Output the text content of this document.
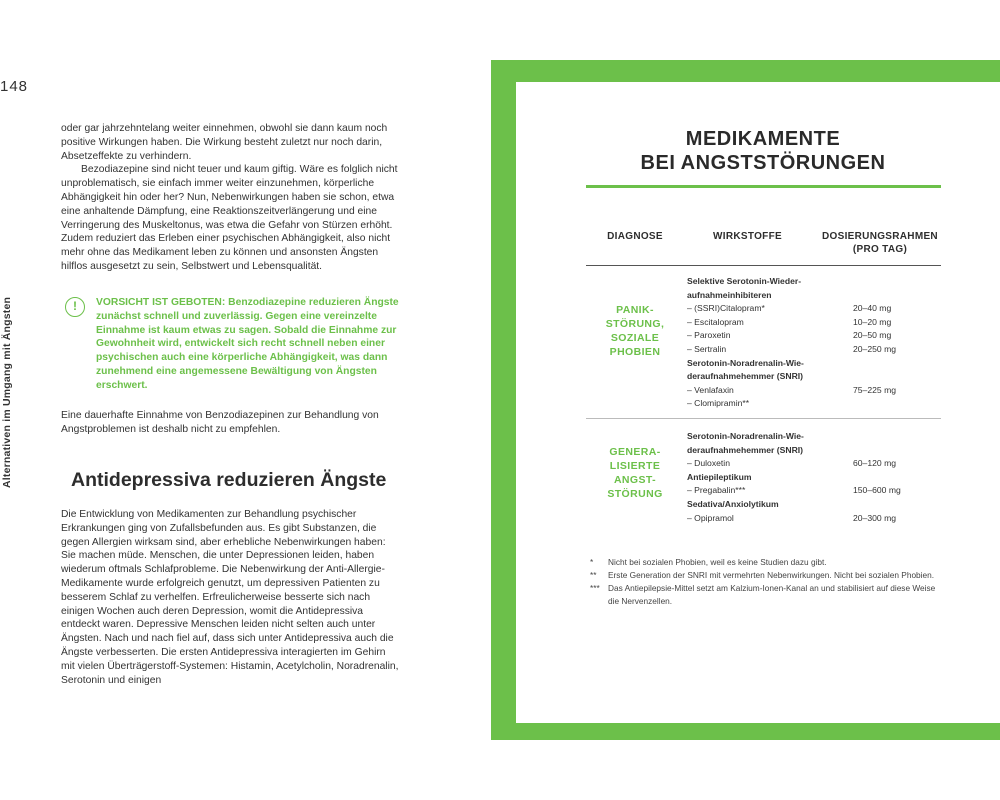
148
Alternativen im Umgang mit Ängsten

oder gar jahrzehntelang weiter einnehmen, obwohl sie dann kaum noch positive Wirkungen haben. Die Wirkung besteht zuletzt nur noch darin, Absetzeffekte zu verhindern.

Bezodiazepine sind nicht teuer und kaum giftig. Wäre es folglich nicht unproblematisch, sie einfach immer weiter einzunehmen, körperliche Abhängigkeit hin oder her? Nun, Nebenwirkungen haben sie schon, etwa eine anhaltende Dämpfung, eine Reaktionszeitverlängerung und eine Verringerung des Muskeltonus, was etwa die Gefahr von Stürzen erhöht. Zudem reduziert das Erleben einer psychischen Abhängigkeit, also nicht mehr ohne das Medikament leben zu können und ansonsten Ängsten hilflos ausgesetzt zu sein, Selbstwert und Lebensqualität.

!	VORSICHT IST GEBOTEN: Benzodiazepine reduzieren Ängste zunächst schnell und zuverlässig. Gegen eine vereinzelte Einnahme ist kaum etwas zu sagen. Sobald die Einnahme zur Gewohnheit wird, entwickelt sich recht schnell neben einer psychischen auch eine körperliche Abhängigkeit, was dann zunehmend eine angemessene Bewältigung von Ängsten erschwert.

Eine dauerhafte Einnahme von Benzodiazepinen zur Behandlung von Angstproblemen ist deshalb nicht zu empfehlen.

Antidepressiva reduzieren Ängste

Die Entwicklung von Medikamenten zur Behandlung psychischer Erkrankungen ging von Zufallsbefunden aus. Es gibt Substanzen, die gegen Allergien wirksam sind, aber erhebliche Nebenwirkungen haben: Sie machen müde. Menschen, die unter Depressionen leiden, haben wiederum oftmals Schlafprobleme. Die Nebenwirkung der Anti-Allergie-Medikamente wurde erfolgreich genutzt, um depressiven Patienten zu besserem Schlaf zu verhelfen. Erfreulicherweise besserte sich nach einigen Wochen auch deren Depression, womit die Antidepressiva entdeckt waren. Depressive Menschen leiden nicht selten auch unter Ängsten. Nach und nach fiel auf, dass sich unter Antidepressiva auch die Ängste verbesserten. Die ersten Antidepressiva interagierten im Gehirn mit vielen Überträgerstoff-Systemen: Histamin, Acetylcholin, Noradrenalin, Serotonin und einigen

MEDIKAMENTE
BEI ANGSTSTÖRUNGEN
DIAGNOSE	WIRKSTOFFE	DOSIERUNGSRAHMEN
(PRO TAG)
PANIK-
STÖRUNG,
SOZIALE
PHOBIEN
Selektive Serotonin-Wieder-
aufnahmeinhibiteren
– (SSRI)Citalopram*	20–40 mg
– Escitalopram	10–20 mg
– Paroxetin	20–50 mg
– Sertralin	20–250 mg
Serotonin-Noradrenalin-Wie-
deraufnahmehemmer (SNRI)
– Venlafaxin	75–225 mg
– Clomipramin**
GENERA-
LISIERTE
ANGST-
STÖRUNG
Serotonin-Noradrenalin-Wie-
deraufnahmehemmer (SNRI)
– Duloxetin	60–120 mg
Antiepileptikum
– Pregabalin***	150–600 mg
Sedativa/Anxiolytikum
– Opipramol	20–300 mg
* Nicht bei sozialen Phobien, weil es keine Studien dazu gibt.
** Erste Generation der SNRI mit vermehrten Nebenwirkungen. Nicht bei sozialen Phobien.
*** Das Antiepilepsie-Mittel setzt am Kalzium-Ionen-Kanal an und stabilisiert auf diese Weise die Nervenzellen.
